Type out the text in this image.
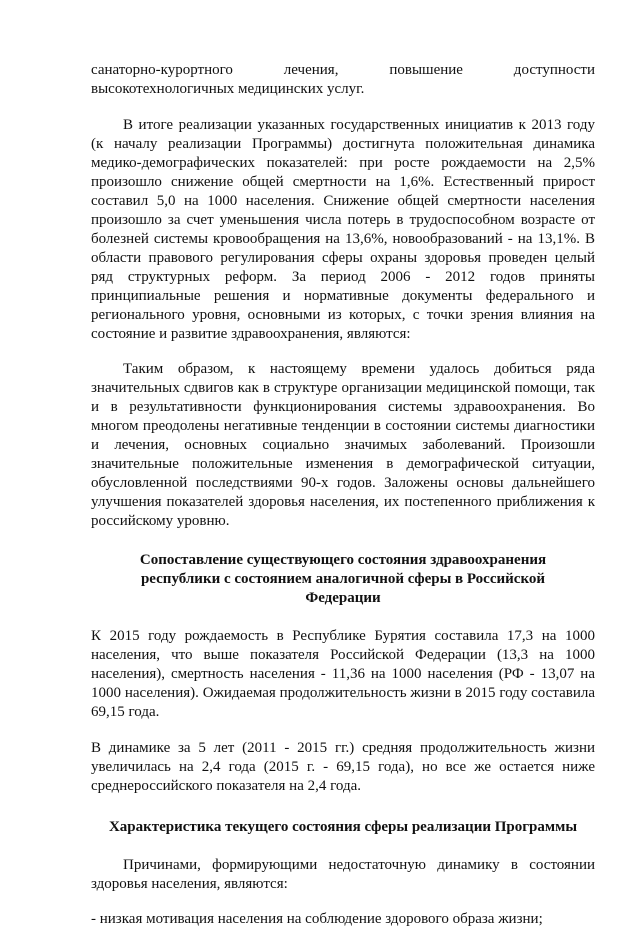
санаторно-курортного лечения, повышение доступности высокотехнологичных медицинских услуг.

В итоге реализации указанных государственных инициатив к 2013 году (к началу реализации Программы) достигнута положительная динамика медико-демографических показателей: при росте рождаемости на 2,5% произошло снижение общей смертности на 1,6%. Естественный прирост составил 5,0 на 1000 населения. Снижение общей смертности населения произошло за счет уменьшения числа потерь в трудоспособном возрасте от болезней системы кровообращения на 13,6%, новообразований - на 13,1%. В области правового регулирования сферы охраны здоровья проведен целый ряд структурных реформ. За период 2006 - 2012 годов приняты принципиальные решения и нормативные документы федерального и регионального уровня, основными из которых, с точки зрения влияния на состояние и развитие здравоохранения, являются:

Таким образом, к настоящему времени удалось добиться ряда значительных сдвигов как в структуре организации медицинской помощи, так и в результативности функционирования системы здравоохранения. Во многом преодолены негативные тенденции в состоянии системы диагностики и лечения, основных социально значимых заболеваний. Произошли значительные положительные изменения в демографической ситуации, обусловленной последствиями 90-х годов. Заложены основы дальнейшего улучшения показателей здоровья населения, их постепенного приближения к российскому уровню.

Сопоставление существующего состояния здравоохранения
республики с состоянием аналогичной сферы в Российской
Федерации

К 2015 году рождаемость в Республике Бурятия составила 17,3 на 1000 населения, что выше показателя Российской Федерации (13,3 на 1000 населения), смертность населения - 11,36 на 1000 населения (РФ - 13,07 на 1000 населения). Ожидаемая продолжительность жизни в 2015 году составила 69,15 года.

В динамике за 5 лет (2011 - 2015 гг.) средняя продолжительность жизни увеличилась на 2,4 года (2015 г. - 69,15 года), но все же остается ниже среднероссийского показателя на 2,4 года.

Характеристика текущего состояния сферы реализации Программы

Причинами, формирующими недостаточную динамику в состоянии здоровья населения, являются:

- низкая мотивация населения на соблюдение здорового образа жизни;
